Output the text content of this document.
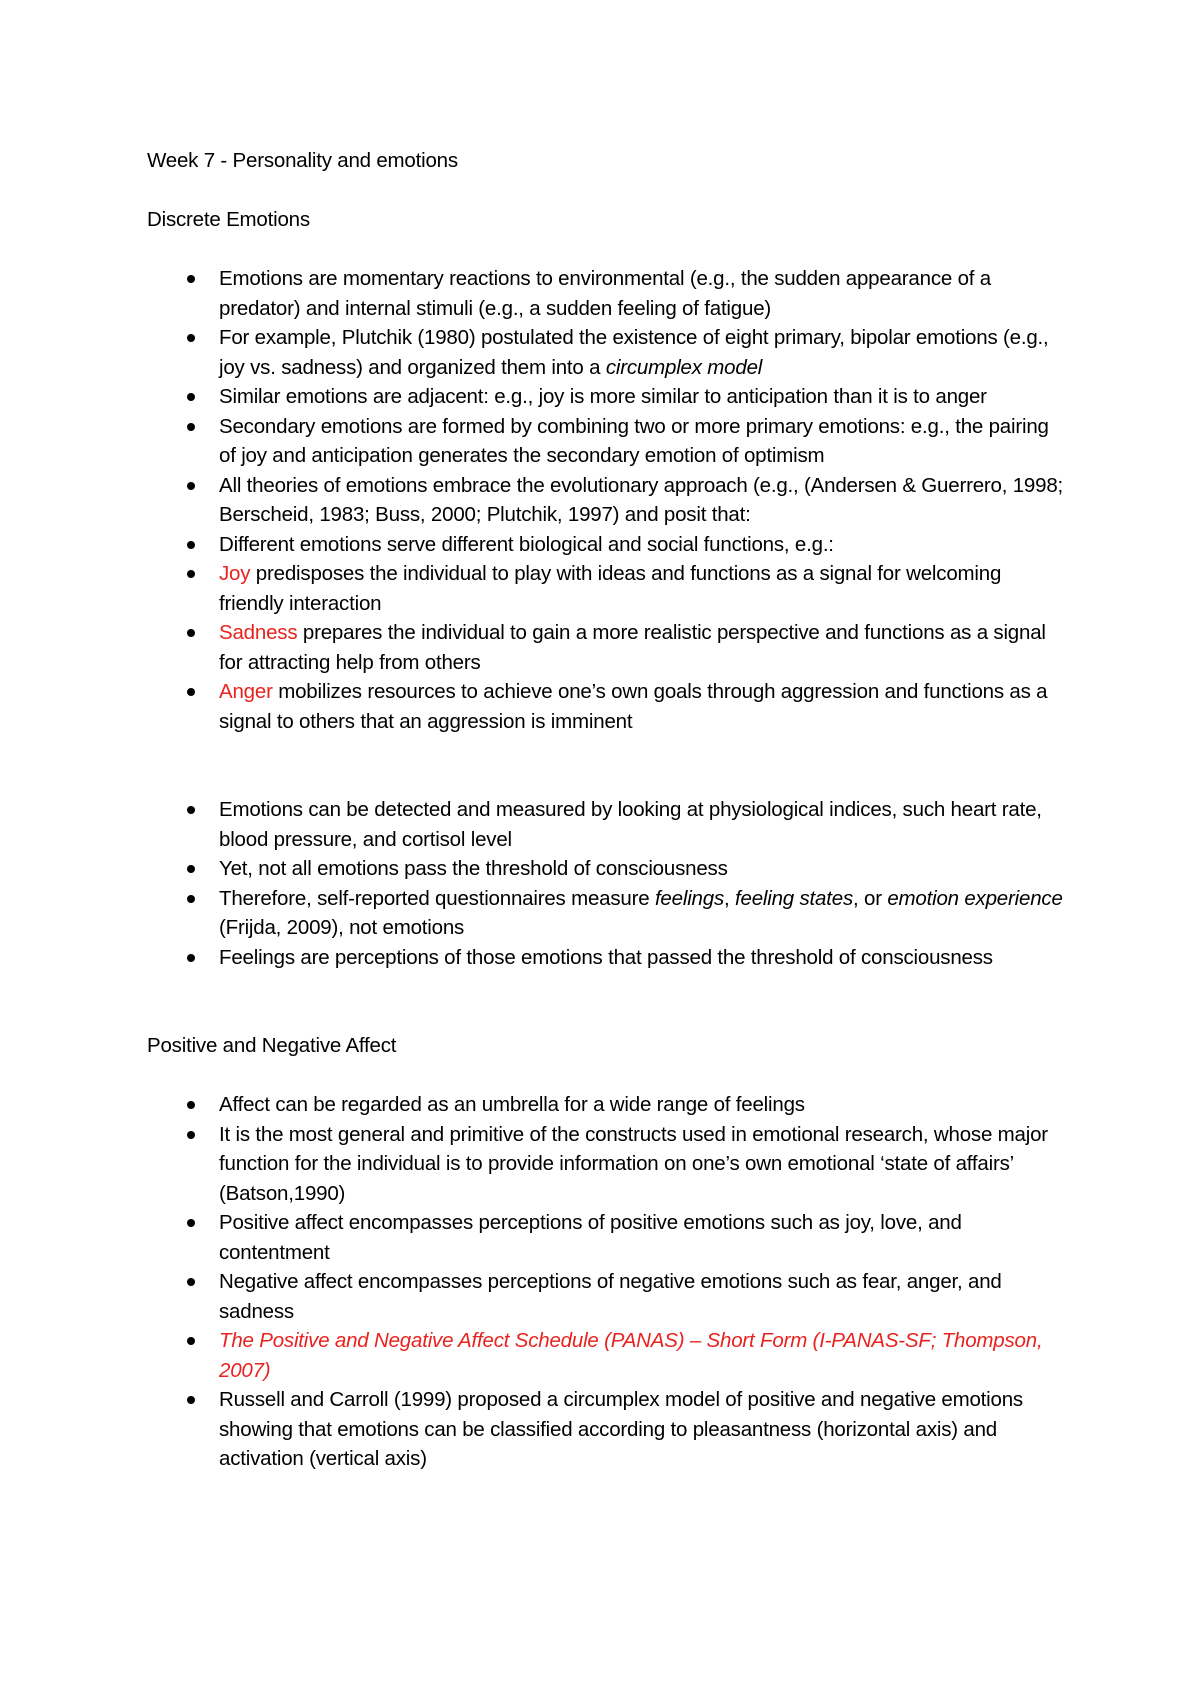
Week 7 - Personality and emotions
Discrete Emotions
Emotions are momentary reactions to environmental (e.g., the sudden appearance of a predator) and internal stimuli (e.g., a sudden feeling of fatigue)
For example, Plutchik (1980) postulated the existence of eight primary, bipolar emotions (e.g., joy vs. sadness) and organized them into a circumplex model
Similar emotions are adjacent: e.g., joy is more similar to anticipation than it is to anger
Secondary emotions are formed by combining two or more primary emotions: e.g., the pairing of joy and anticipation generates the secondary emotion of optimism
All theories of emotions embrace the evolutionary approach (e.g., (Andersen & Guerrero, 1998; Berscheid, 1983; Buss, 2000; Plutchik, 1997) and posit that:
Different emotions serve different biological and social functions, e.g.:
Joy predisposes the individual to play with ideas and functions as a signal for welcoming friendly interaction
Sadness prepares the individual to gain a more realistic perspective and functions as a signal for attracting help from others
Anger mobilizes resources to achieve one’s own goals through aggression and functions as a signal to others that an aggression is imminent
Emotions can be detected and measured by looking at physiological indices, such heart rate, blood pressure, and cortisol level
Yet, not all emotions pass the threshold of consciousness
Therefore, self-reported questionnaires measure feelings, feeling states, or emotion experience (Frijda, 2009), not emotions
Feelings are perceptions of those emotions that passed the threshold of consciousness
Positive and Negative Affect
Affect can be regarded as an umbrella for a wide range of feelings
It is the most general and primitive of the constructs used in emotional research, whose major function for the individual is to provide information on one’s own emotional ‘state of affairs’ (Batson,1990)
Positive affect encompasses perceptions of positive emotions such as joy, love, and contentment
Negative affect encompasses perceptions of negative emotions such as fear, anger, and sadness
The Positive and Negative Affect Schedule (PANAS) – Short Form (I-PANAS-SF; Thompson, 2007)
Russell and Carroll (1999) proposed a circumplex model of positive and negative emotions showing that emotions can be classified according to pleasantness (horizontal axis) and activation (vertical axis)
